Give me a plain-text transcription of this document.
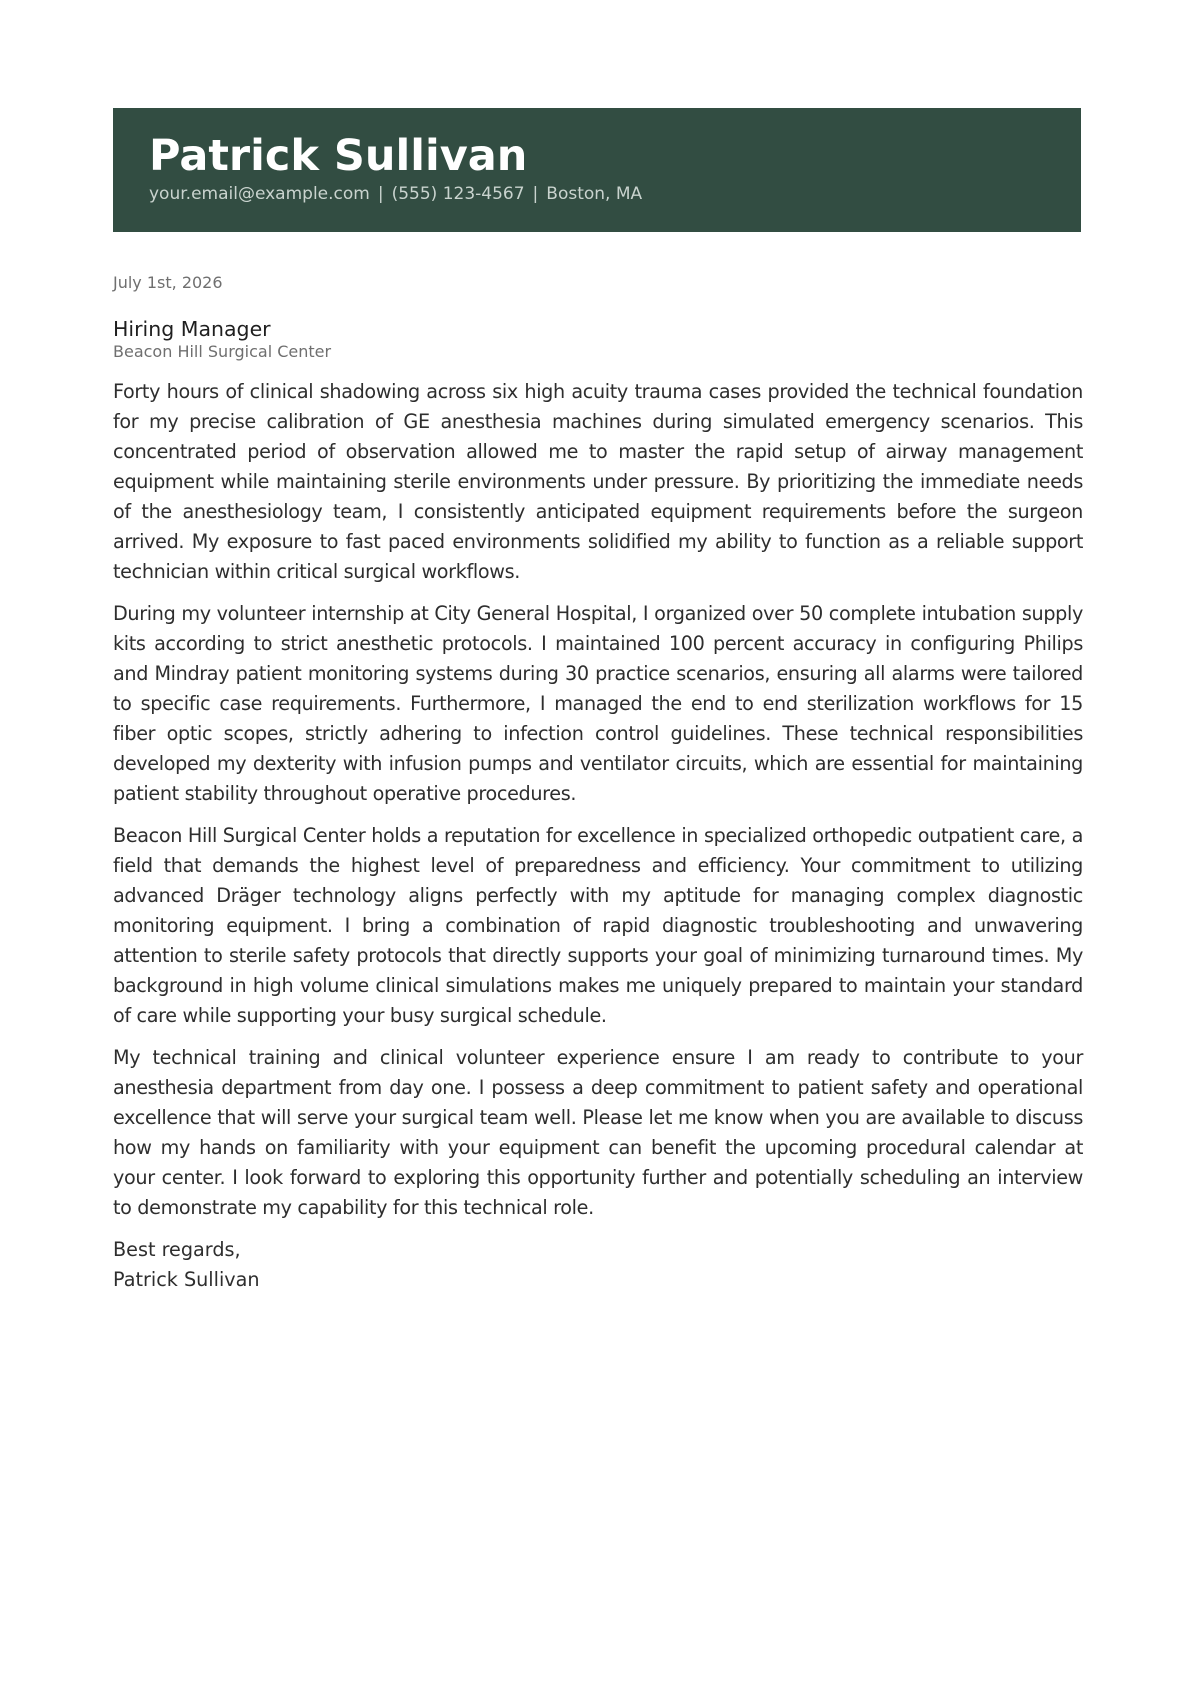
Patrick Sullivan
your.email@example.com | (555) 123-4567 | Boston, MA

July 1st, 2026

Hiring Manager

Beacon Hill Surgical Center

Forty hours of clinical shadowing across six high acuity trauma cases provided the technical foundation for my precise calibration of GE anesthesia machines during simulated emergency scenarios. This concentrated period of observation allowed me to master the rapid setup of airway management equipment while maintaining sterile environments under pressure. By prioritizing the immediate needs of the anesthesiology team, I consistently anticipated equipment requirements before the surgeon arrived. My exposure to fast paced environments solidified my ability to function as a reliable support technician within critical surgical workflows.

During my volunteer internship at City General Hospital, I organized over 50 complete intubation supply kits according to strict anesthetic protocols. I maintained 100 percent accuracy in configuring Philips and Mindray patient monitoring systems during 30 practice scenarios, ensuring all alarms were tailored to specific case requirements. Furthermore, I managed the end to end sterilization workflows for 15 fiber optic scopes, strictly adhering to infection control guidelines. These technical responsibilities developed my dexterity with infusion pumps and ventilator circuits, which are essential for maintaining patient stability throughout operative procedures.

Beacon Hill Surgical Center holds a reputation for excellence in specialized orthopedic outpatient care, a field that demands the highest level of preparedness and efficiency. Your commitment to utilizing advanced Dräger technology aligns perfectly with my aptitude for managing complex diagnostic monitoring equipment. I bring a combination of rapid diagnostic troubleshooting and unwavering attention to sterile safety protocols that directly supports your goal of minimizing turnaround times. My background in high volume clinical simulations makes me uniquely prepared to maintain your standard of care while supporting your busy surgical schedule.

My technical training and clinical volunteer experience ensure I am ready to contribute to your anesthesia department from day one. I possess a deep commitment to patient safety and operational excellence that will serve your surgical team well. Please let me know when you are available to discuss how my hands on familiarity with your equipment can benefit the upcoming procedural calendar at your center. I look forward to exploring this opportunity further and potentially scheduling an interview to demonstrate my capability for this technical role.

Best regards,

Patrick Sullivan
